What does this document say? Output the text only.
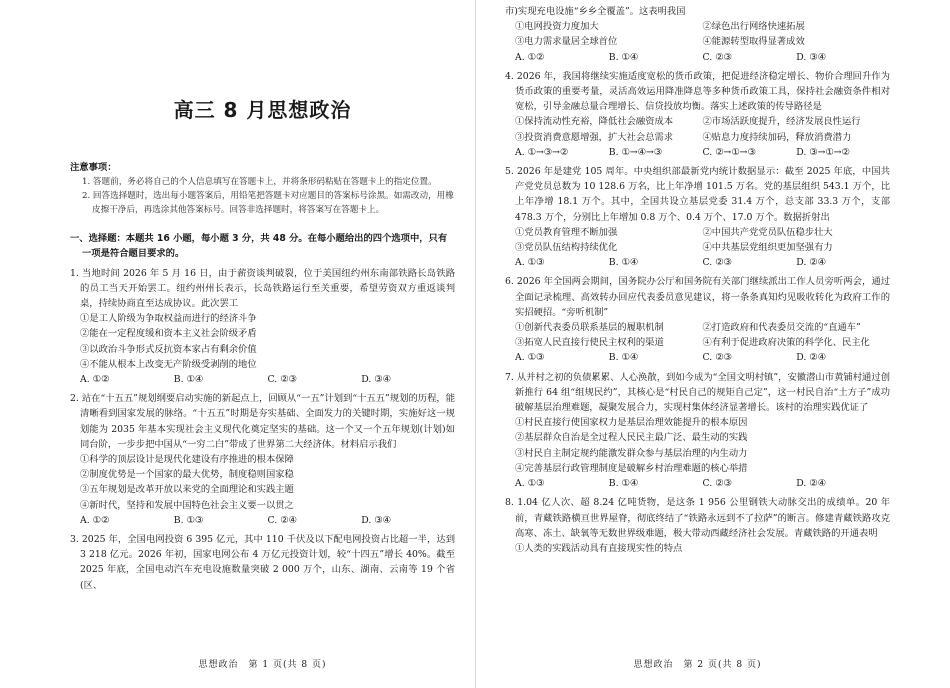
高三 8 月思想政治
注意事项：
1. 答题前，务必将自己的个人信息填写在答题卡上，并将条形码粘贴在答题卡上的指定位置。
2. 回答选择题时，选出每小题答案后，用铅笔把答题卡对应题目的答案标号涂黑。如需改动，用橡皮擦干净后，再选涂其他答案标号。回答非选择题时，将答案写在答题卡上。
一、选择题：本题共 16 小题，每小题 3 分，共 48 分。在每小题给出的四个选项中，只有一项是符合题目要求的。
1. 当地时间 2026 年 5 月 16 日，由于薪资谈判破裂，位于美国纽约州东南部铁路长岛铁路的员工当天开始罢工。纽约州州长表示，长岛铁路运行至关重要，希望劳资双方重返谈判桌，持续协商直至达成协议。此次罢工
①是工人阶级为争取权益而进行的经济斗争
②能在一定程度缓和资本主义社会阶级矛盾
③以政治斗争形式反抗资本家占有剩余价值
④不能从根本上改变无产阶级受剥削的地位
A. ①②	B. ①④	C. ②③	D. ③④
2. 站在“十五五”规划纲要启动实施的新起点上，回顾从“一五”计划到“十五五”规划的历程，能清晰看到国家发展的脉络。“十五五”时期是夯实基础、全面发力的关键时期，实施好这一规划能为 2035 年基本实现社会主义现代化奠定坚实的基础。这一个又一个五年规划(计划)如同台阶，一步步把中国从“一穷二白”带成了世界第二大经济体。材料启示我们
①科学的顶层设计是现代化建设有序推进的根本保障
②制度优势是一个国家的最大优势，制度稳则国家稳
③五年规划是改革开放以来党的全面理论和实践主题
④新时代，坚持和发展中国特色社会主义要一以贯之
A. ①②	B. ①③	C. ②④	D. ③④
3. 2025 年，全国电网投资 6 395 亿元，其中 110 千伏及以下配电网投资占比超一半，达到 3 218 亿元。2026 年初，国家电网公布 4 万亿元投资计划，较“十四五”增长 40%。截至 2025 年底，全国电动汽车充电设施数量突破 2 000 万个，山东、湖南、云南等 19 个省(区、
思想政治　第 1 页(共 8 页)
市)实现充电设施“乡乡全覆盖”。这表明我国
①电网投资力度加大	②绿色出行网络快速拓展
③电力需求量居全球首位	④能源转型取得显著成效
A. ①②	B. ①④	C. ②③	D. ③④
4. 2026 年，我国将继续实施适度宽松的货币政策，把促进经济稳定增长、物价合理回升作为货币政策的重要考量，灵活高效运用降准降息等多种货币政策工具，保持社会融资条件相对宽松，引导金融总量合理增长、信贷投放均衡。落实上述政策的传导路径是
①保持流动性充裕，降低社会融资成本	②市场活跃度提升，经济发展良性运行
③投资消费意愿增强，扩大社会总需求	④贴息力度持续加码，释放消费潜力
A. ①→③→②	B. ①→④→③	C. ②→①→③	D. ③→①→②
5. 2026 年是建党 105 周年。中央组织部最新党内统计数据显示：截至 2025 年底，中国共产党党员总数为 10 128.6 万名，比上年净增 101.5 万名。党的基层组织 543.1 万个，比上年净增 18.1 万个。其中，全国共设立基层党委 31.4 万个，总支部 33.3 万个，支部 478.3 万个，分别比上年增加 0.8 万个、0.4 万个、17.0 万个。数据折射出
①党员教育管理不断加强	②中国共产党党员队伍稳步壮大
③党员队伍结构持续优化	④中共基层党组织更加坚强有力
A. ①③	B. ①④	C. ②③	D. ②④
6. 2026 年全国两会期间，国务院办公厅和国务院有关部门继续派出工作人员旁听两会，通过全面记录梳理、高效转办回应代表委员意见建议，将一条条真知灼见吸收转化为政府工作的实招硬招。“旁听机制”
①创新代表委员联系基层的履职机制	②打造政府和代表委员交流的“直通车”
③拓宽人民直接行使民主权利的渠道	④有利于促进政府决策的科学化、民主化
A. ①③	B. ①④	C. ②③	D. ②④
7. 从并村之初的负债累累、人心涣散，到如今成为“全国文明村镇”，安徽潜山市黄铺村通过创新推行 64 组“组规民约”，其核心是“村民自己的规矩自己定”，这一村民自治“土方子”成功破解基层治理难题，凝聚发展合力，实现村集体经济显著增长。该村的治理实践优证了
①村民直接行使国家权力是基层治理效能提升的根本原因
②基层群众自治是全过程人民民主最广泛、最生动的实践
③村民自主制定规约能激发群众参与基层治理的内生动力
④完善基层行政管理制度是破解乡村治理难题的核心举措
A. ①③	B. ①④	C. ②③	D. ②④
8. 1.04 亿人次、超 8.24 亿吨货物，是这条 1 956 公里钢铁大动脉交出的成绩单。20 年前，青藏铁路横亘世界屋脊，彻底终结了“铁路永远到不了拉萨”的断言。修建青藏铁路攻克高寒、冻土、缺氧等无数世界级难题，极大带动西藏经济社会发展。青藏铁路的开通表明
①人类的实践活动具有直接现实性的特点
思想政治　第 2 页(共 8 页)
